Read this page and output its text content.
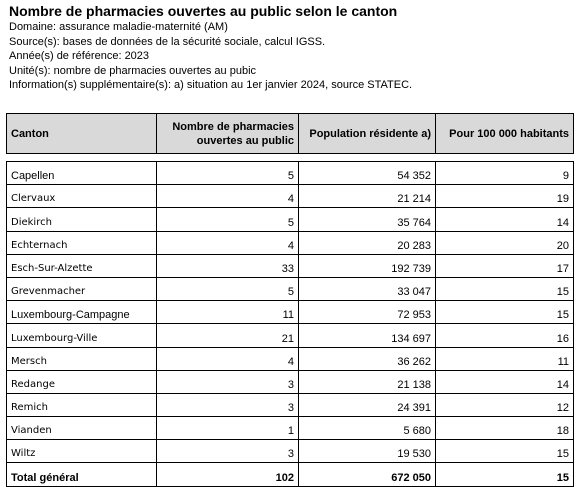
Nombre de pharmacies ouvertes au public selon le canton

Domaine: assurance maladie-maternité (AM)

Source(s): bases de données de la sécurité sociale, calcul IGSS.

Année(s) de référence: 2023

Unité(s): nombre de pharmacies ouvertes au pubic

Information(s) supplémentaire(s): a) situation au 1er janvier 2024, source STATEC.

Canton	Nombre de pharmacies ouvertes au public	Population résidente a)	Pour 100 000 habitants

Capellen	5	54 352	9
Clervaux	4	21 214	19
Diekirch	5	35 764	14
Echternach	4	20 283	20
Esch-Sur-Alzette	33	192 739	17
Grevenmacher	5	33 047	15
Luxembourg-Campagne	11	72 953	15
Luxembourg-Ville	21	134 697	16
Mersch	4	36 262	11
Redange	3	21 138	14
Remich	3	24 391	12
Vianden	1	5 680	18
Wiltz	3	19 530	15
Total général	102	672 050	15
